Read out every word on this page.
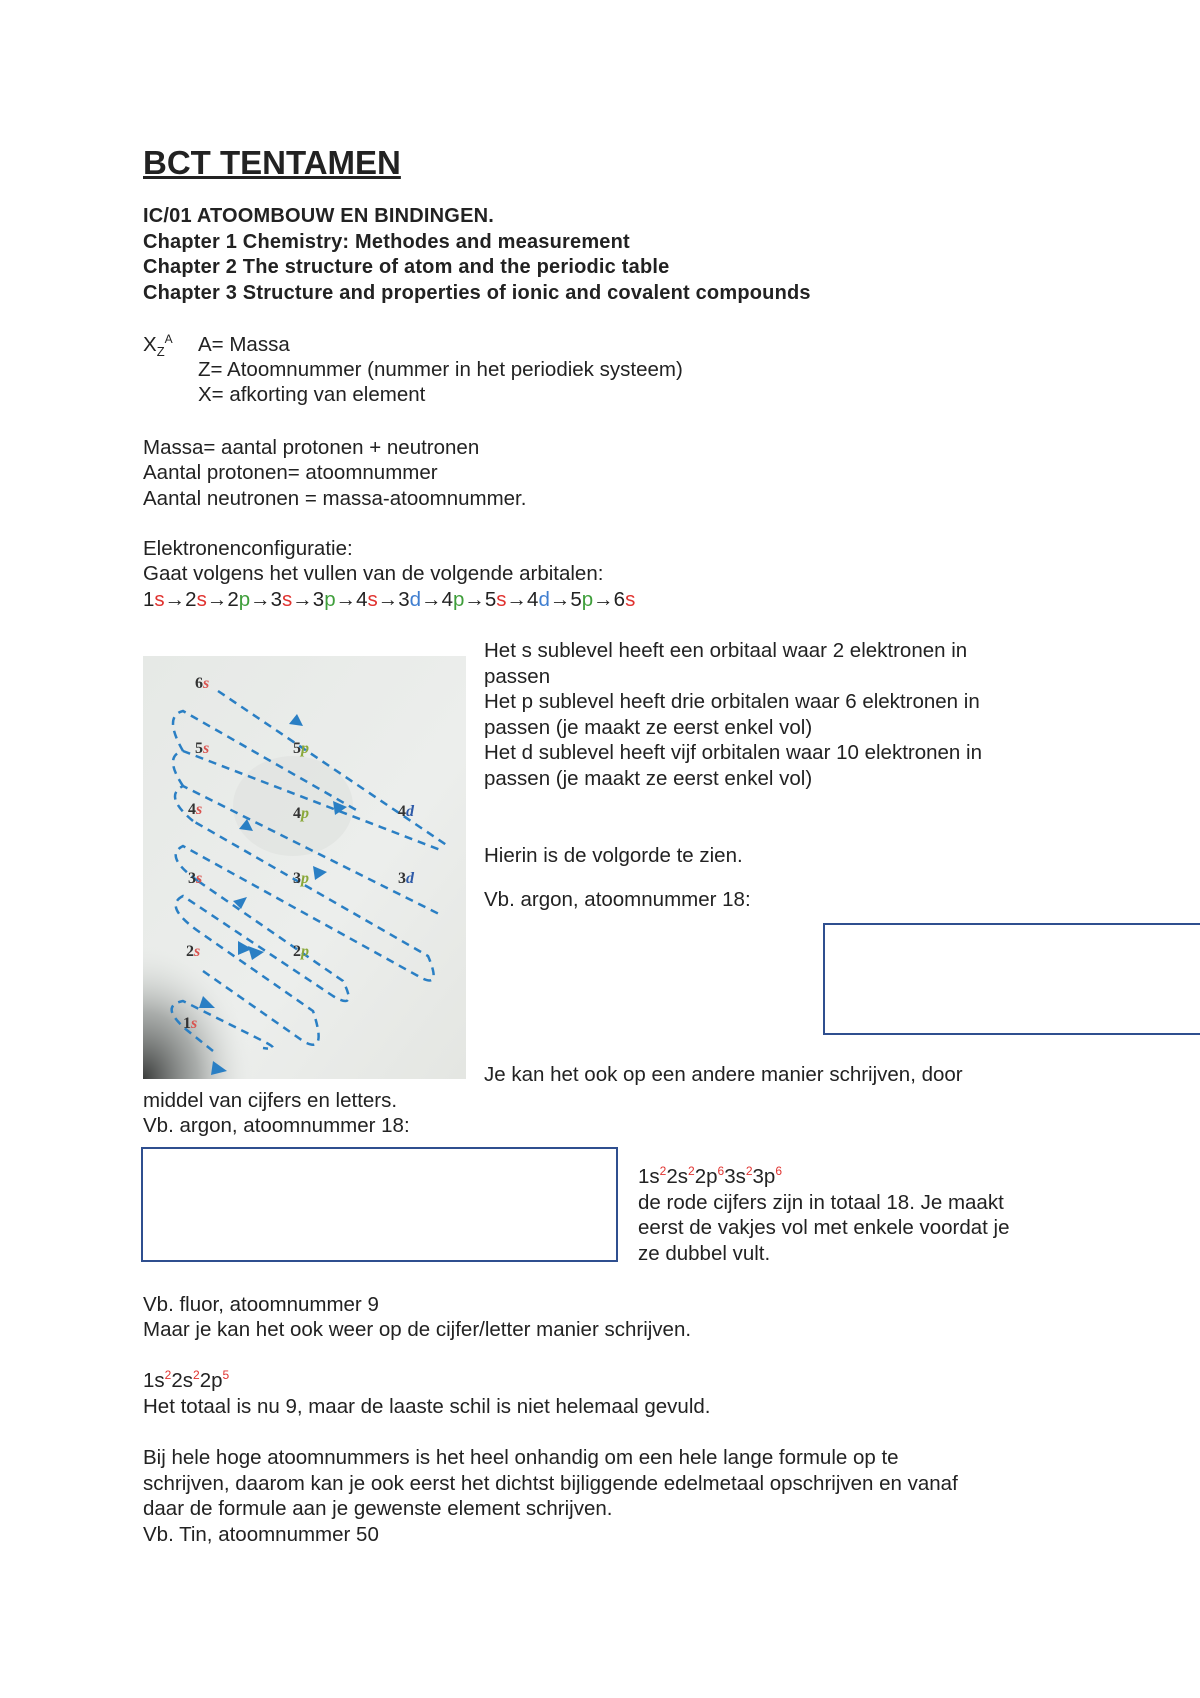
BCT TENTAMEN
IC/01 ATOOMBOUW EN BINDINGEN.
Chapter 1 Chemistry: Methodes and measurement
Chapter 2 The structure of atom and the periodic table
Chapter 3 Structure and properties of ionic and covalent compounds
$X_Z^A$ A= Massa
Z= Atoomnummer (nummer in het periodiek systeem)
X= afkorting van element
Massa= aantal protonen + neutronen
Aantal protonen= atoomnummer
Aantal neutronen = massa-atoomnummer.
Elektronenconfiguratie:
Gaat volgens het vullen van de volgende arbitalen:
1s→2s→2p→3s→3p→4s→3d→4p→5s→4d→5p→6s
6s
5s	5p
4d
4s	4p
3s	3p	3d
2s	2p
1s
Het s sublevel heeft een orbitaal waar 2 elektronen in
passen
Het p sublevel heeft drie orbitalen waar 6 elektronen in
passen (je maakt ze eerst enkel vol)
Het d sublevel heeft vijf orbitalen waar 10 elektronen in
passen (je maakt ze eerst enkel vol)
Hierin is de volgorde te zien.
Vb. argon, atoomnummer 18:
Je kan het ook op een andere manier schrijven, door
middel van cijfers en letters.
Vb. argon, atoomnummer 18:
$1s^22s^22p^63s^23p^6$
de rode cijfers zijn in totaal 18. Je maakt
eerst de vakjes vol met enkele voordat je
ze dubbel vult.
Vb. fluor, atoomnummer 9
Maar je kan het ook weer op de cijfer/letter manier schrijven.
$1s^22s^22p^5$
Het totaal is nu 9, maar de laaste schil is niet helemaal gevuld.
Bij hele hoge atoomnummers is het heel onhandig om een hele lange formule op te
schrijven, daarom kan je ook eerst het dichtst bijliggende edelmetaal opschrijven en vanaf
daar de formule aan je gewenste element schrijven.
Vb. Tin, atoomnummer 50
